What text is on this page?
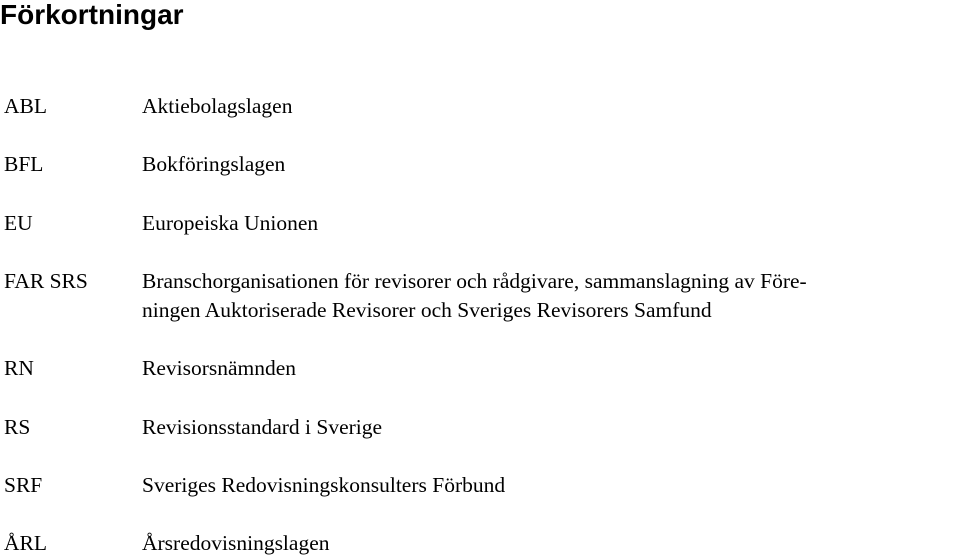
Förkortningar
ABL	Aktiebolagslagen
BFL	Bokföringslagen
EU	Europeiska Unionen
FAR SRS	Branschorganisationen för revisorer och rådgivare, sammanslagning av Före-
ningen Auktoriserade Revisorer och Sveriges Revisorers Samfund
RN	Revisorsnämnden
RS	Revisionsstandard i Sverige
SRF	Sveriges Redovisningskonsulters Förbund
ÅRL	Årsredovisningslagen
